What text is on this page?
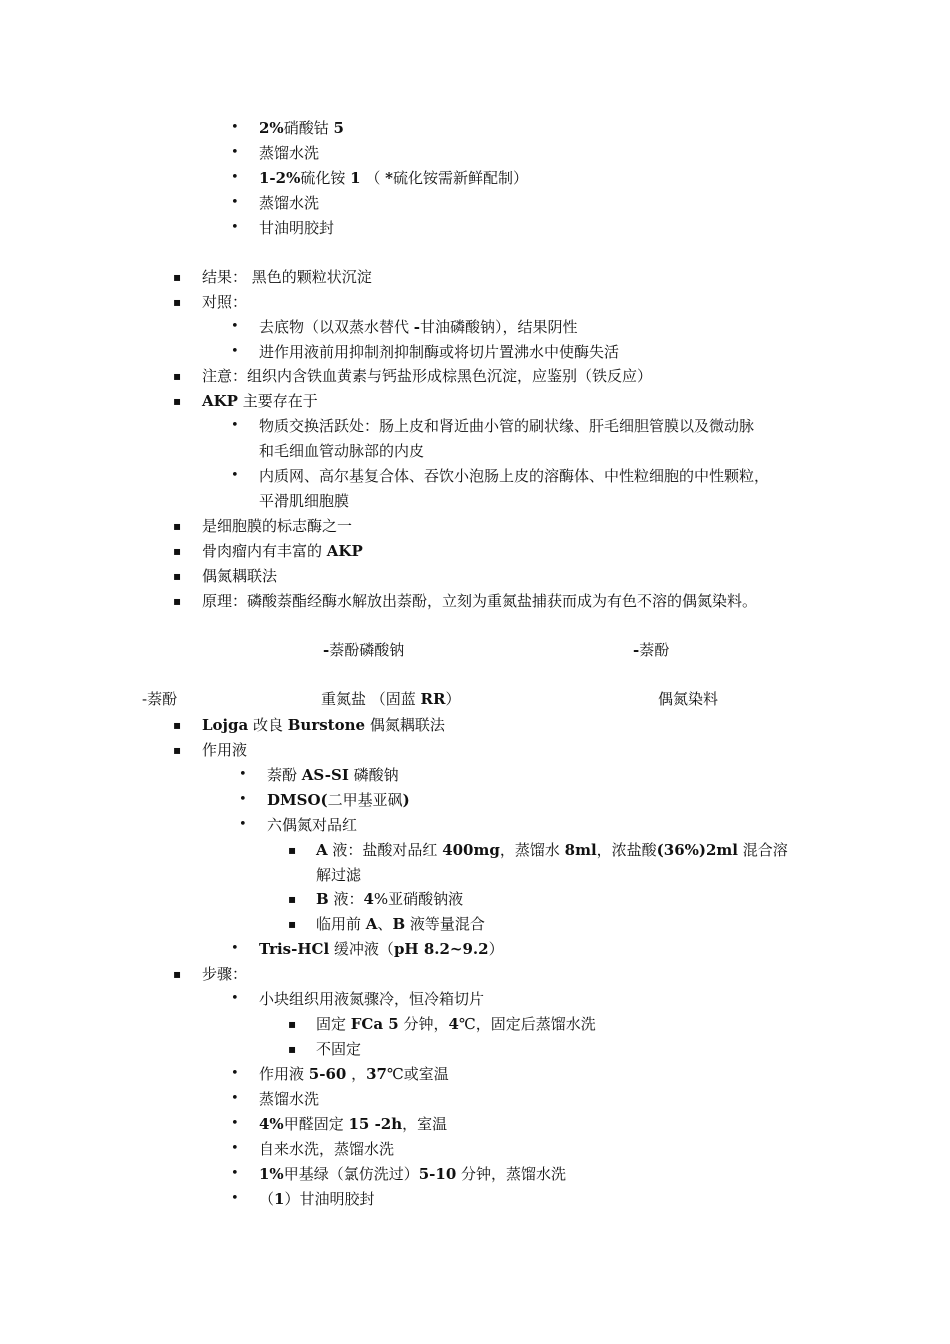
• 2%硝酸钴 5
• 蒸馏水洗
• 1-2%硫化铵 1 （ *硫化铵需新鲜配制）
• 蒸馏水洗
• 甘油明胶封
▪ 结果： 黑色的颗粒状沉淀
▪ 对照：
• 去底物（以双蒸水替代 -甘油磷酸钠），结果阴性
• 进作用液前用抑制剂抑制酶或将切片置沸水中使酶失活
▪ 注意：组织内含铁血黄素与钙盐形成棕黑色沉淀，应鉴别（铁反应）
▪ AKP 主要存在于
• 物质交换活跃处：肠上皮和肾近曲小管的刷状缘、肝毛细胆管膜以及微动脉
和毛细血管动脉部的内皮
• 内质网、高尔基复合体、吞饮小泡肠上皮的溶酶体、中性粒细胞的中性颗粒，
平滑肌细胞膜
▪ 是细胞膜的标志酶之一
▪ 骨肉瘤内有丰富的 AKP
▪ 偶氮耦联法
▪ 原理：磷酸萘酯经酶水解放出萘酚，立刻为重氮盐捕获而成为有色不溶的偶氮染料。
-萘酚磷酸钠	-萘酚
-萘酚	重氮盐 （固蓝 RR）	偶氮染料
▪ Lojga 改良 Burstone 偶氮耦联法
▪ 作用液
• 萘酚 AS-SI 磷酸钠
• DMSO(二甲基亚砜)
• 六偶氮对品红
▪ A 液：盐酸对品红 400mg，蒸馏水 8ml，浓盐酸(36%)2ml 混合溶
解过滤
▪ B 液：4%亚硝酸钠液
▪ 临用前 A、B 液等量混合
• Tris-HCl 缓冲液（pH 8.2~9.2）
▪ 步骤：
• 小块组织用液氮骤冷，恒冷箱切片
▪ 固定 FCa 5 分钟，4℃，固定后蒸馏水洗
▪ 不固定
• 作用液 5-60 ，37℃或室温
• 蒸馏水洗
• 4%甲醛固定 15 -2h，室温
• 自来水洗，蒸馏水洗
• 1%甲基绿（氯仿洗过）5-10 分钟，蒸馏水洗
• （1）甘油明胶封
